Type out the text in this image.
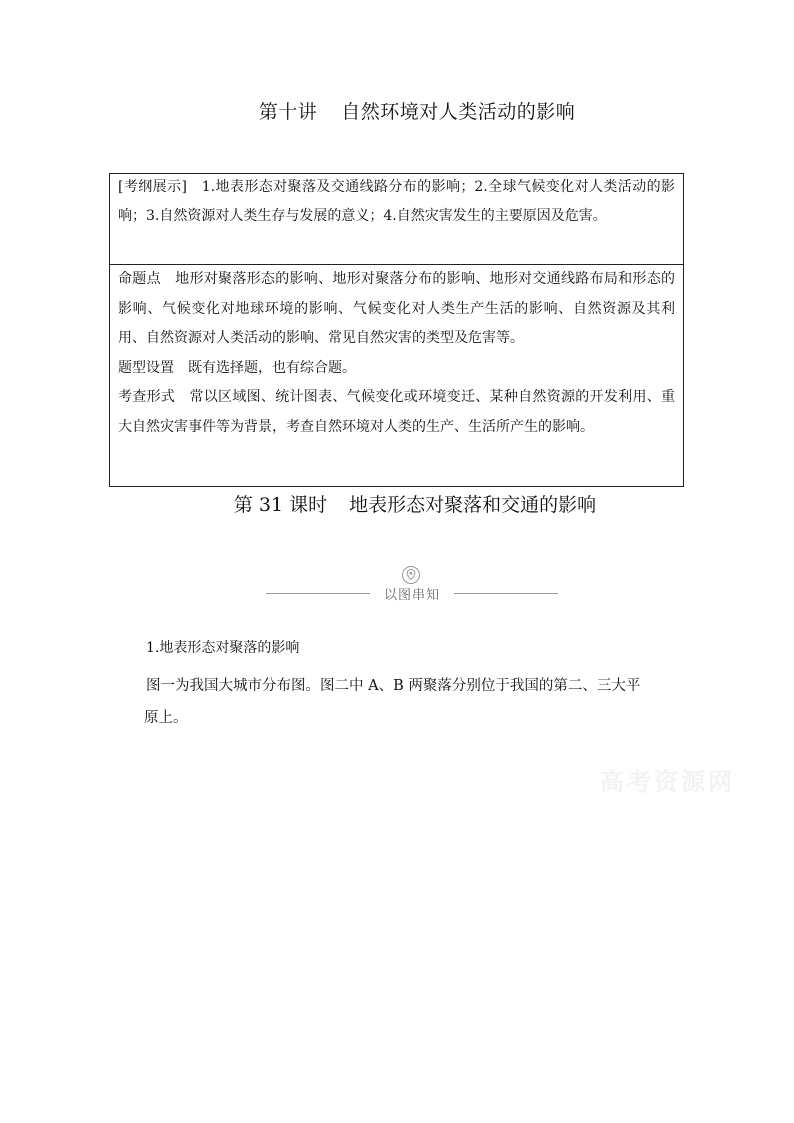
第十讲 自然环境对人类活动的影响

[考纲展示]　 1.地表形态对聚落及交通线路分布的影响；2.全球气候变化对人类活动的影响；3.自然资源对人类生存与发展的意义；4.自然灾害发生的主要原因及危害。

命题点　 地形对聚落形态的影响、地形对聚落分布的影响、地形对交通线路布局和形态的影响、气候变化对地球环境的影响、气候变化对人类生产生活的影响、自然资源及其利用、自然资源对人类活动的影响、常见自然灾害的类型及危害等。

题型设置　 既有选择题，也有综合题。

考查形式　 常以区域图、统计图表、气候变化或环境变迁、某种自然资源的开发利用、重大自然灾害事件等为背景，考查自然环境对人类的生产、生活所产生的影响。

第 31 课时 地表形态对聚落和交通的影响
以图串知
1.地表形态对聚落的影响

图一为我国大城市分布图。图二中 A、B 两聚落分别位于我国的第二、三大平
原上。

高考资源网
